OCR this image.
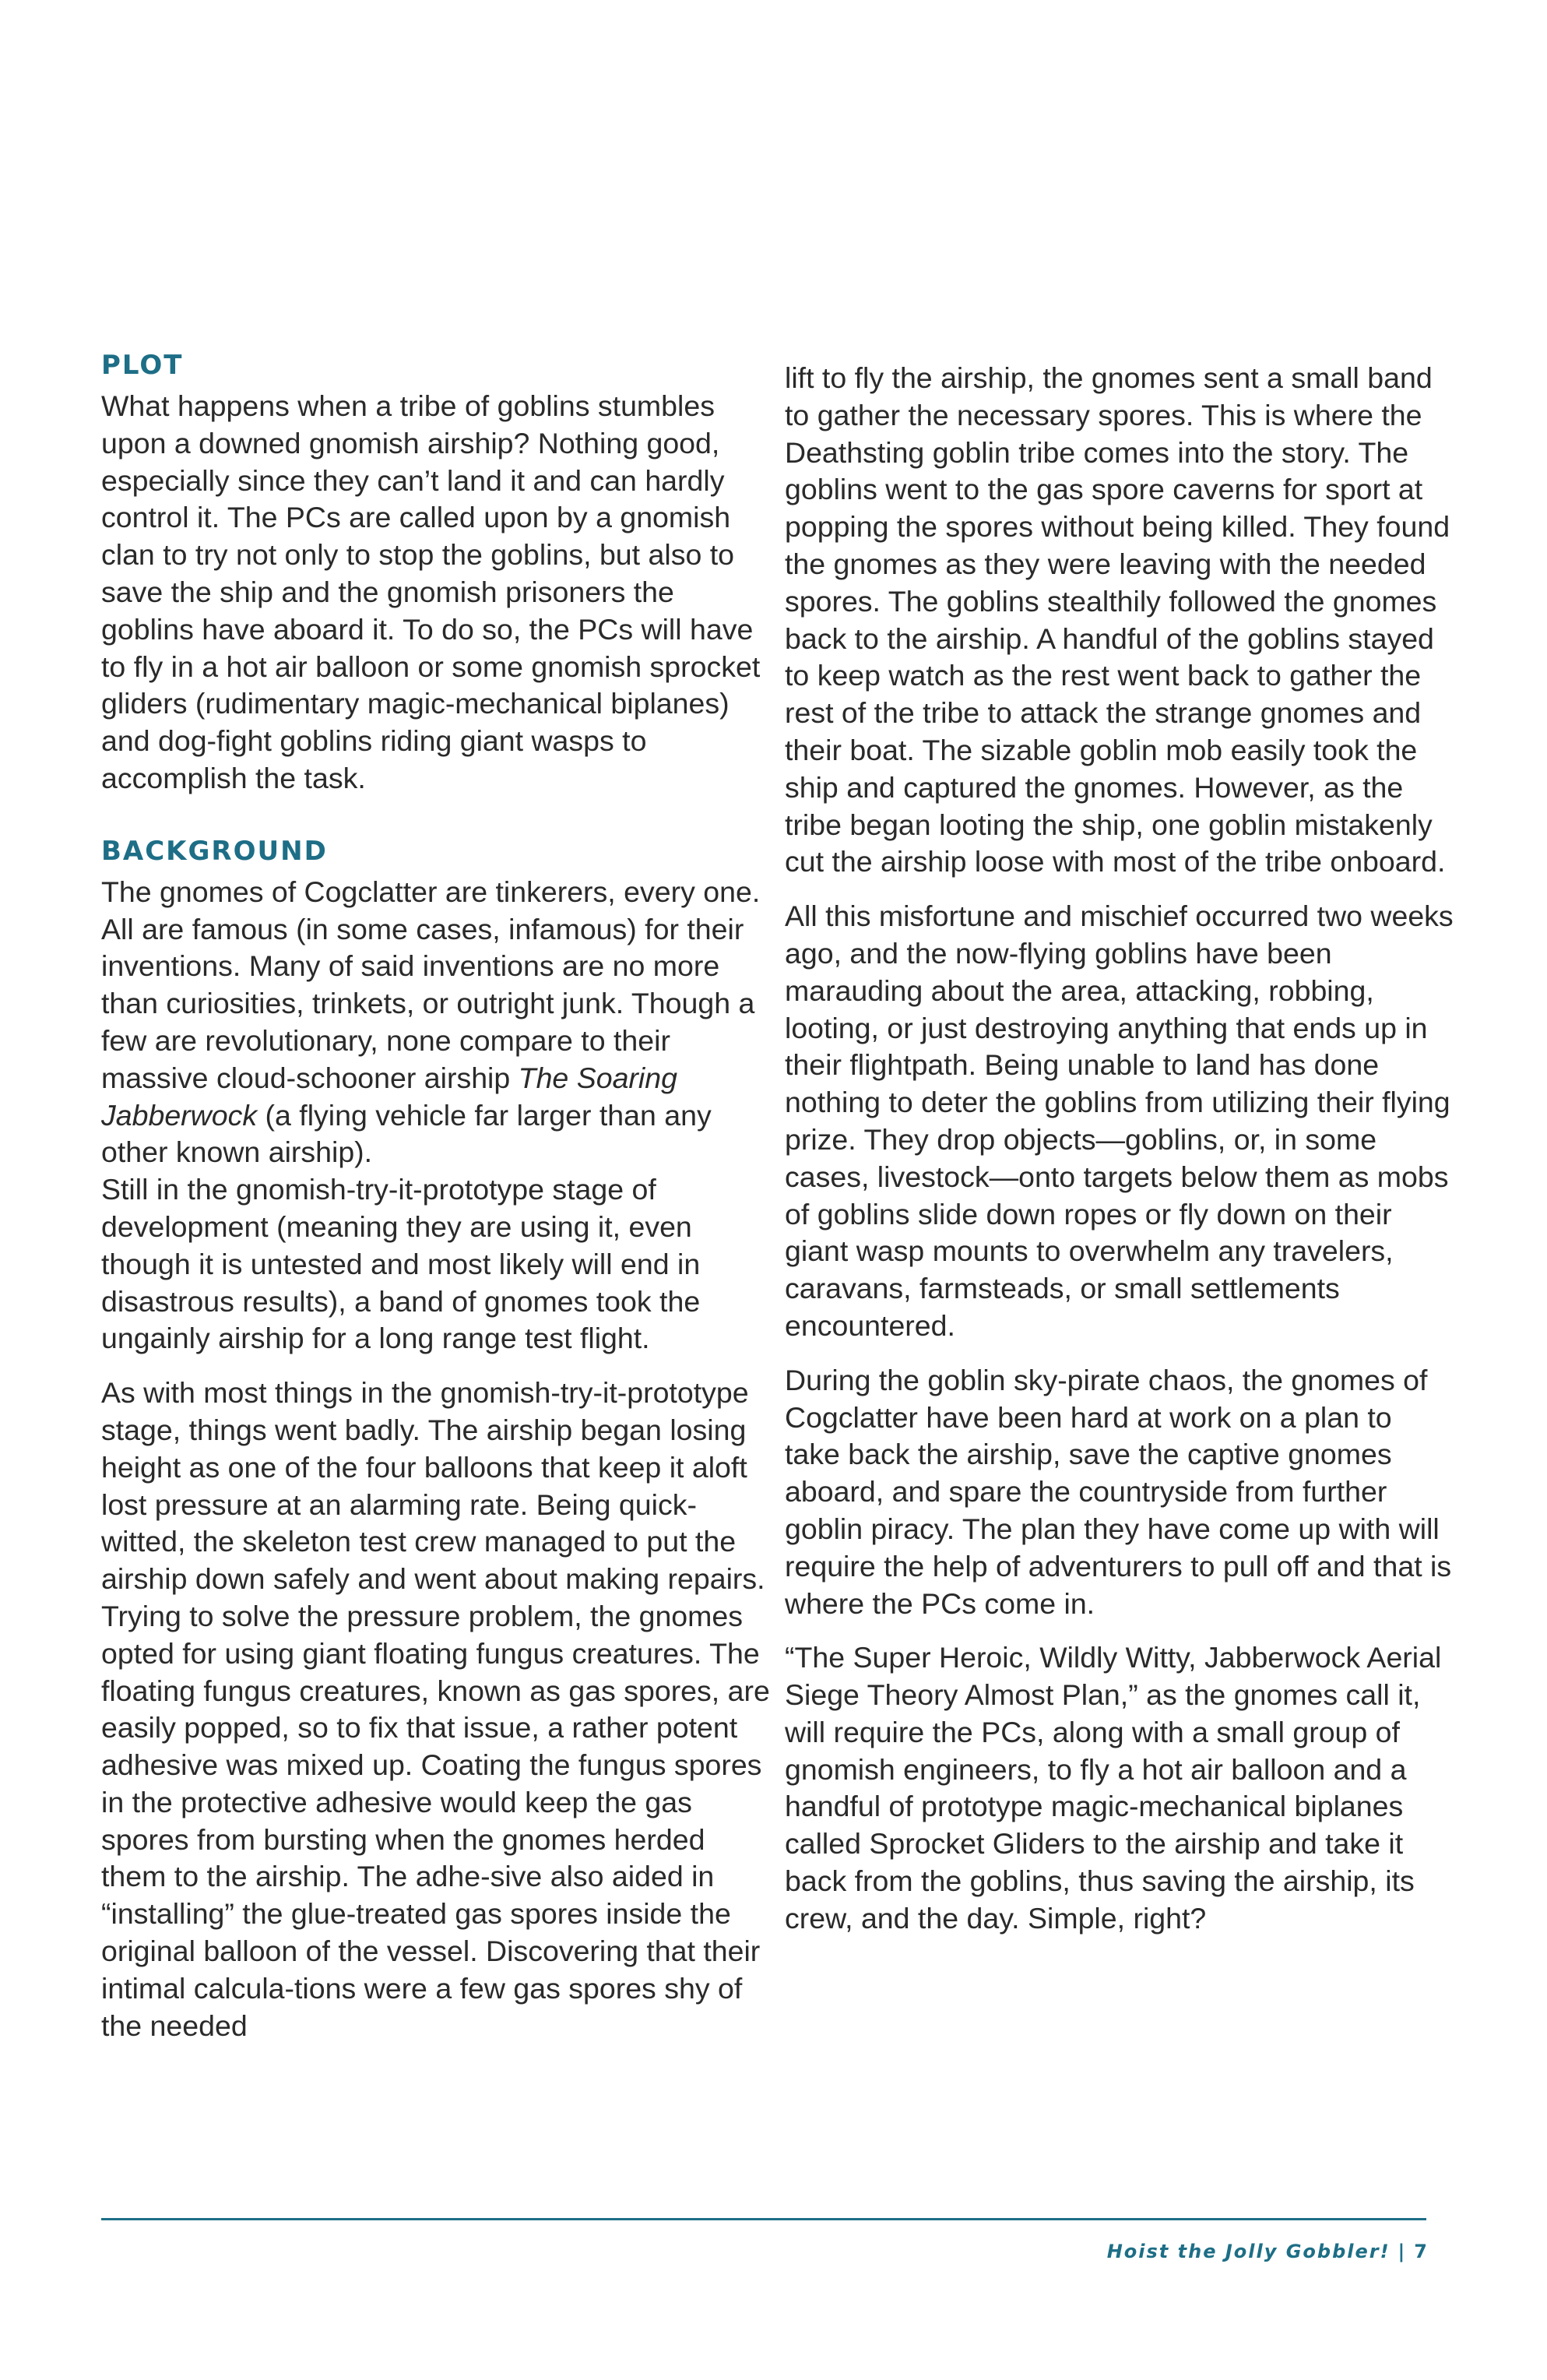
PLOT

What happens when a tribe of goblins stumbles upon a downed gnomish airship? Nothing good, especially since they can’t land it and can hardly control it. The PCs are called upon by a gnomish clan to try not only to stop the goblins, but also to save the ship and the gnomish prisoners the goblins have aboard it. To do so, the PCs will have to fly in a hot air balloon or some gnomish sprocket gliders (rudimentary magic-mechanical biplanes) and dog-fight goblins riding giant wasps to accomplish the task.

BACKGROUND

The gnomes of Cogclatter are tinkerers, every one. All are famous (in some cases, infamous) for their inventions. Many of said inventions are no more than curiosities, trinkets, or outright junk. Though a few are revolutionary, none compare to their massive cloud-schooner airship The Soaring Jabberwock (a flying vehicle far larger than any other known airship).

Still in the gnomish-try-it-prototype stage of development (meaning they are using it, even though it is untested and most likely will end in disastrous results), a band of gnomes took the ungainly airship for a long range test flight.

As with most things in the gnomish-try-it-prototype stage, things went badly. The airship began losing height as one of the four balloons that keep it aloft lost pressure at an alarming rate. Being quick-witted, the skeleton test crew managed to put the airship down safely and went about making repairs. Trying to solve the pressure problem, the gnomes opted for using giant floating fungus creatures. The floating fungus creatures, known as gas spores, are easily popped, so to fix that issue, a rather potent adhesive was mixed up. Coating the fungus spores in the protective adhesive would keep the gas spores from bursting when the gnomes herded them to the airship. The adhe-sive also aided in “installing” the glue-treated gas spores inside the original balloon of the vessel. Discovering that their intimal calcula-tions were a few gas spores shy of the needed

lift to fly the airship, the gnomes sent a small band to gather the necessary spores. This is where the Deathsting goblin tribe comes into the story. The goblins went to the gas spore caverns for sport at popping the spores without being killed. They found the gnomes as they were leaving with the needed spores. The goblins stealthily followed the gnomes back to the airship. A handful of the goblins stayed to keep watch as the rest went back to gather the rest of the tribe to attack the strange gnomes and their boat. The sizable goblin mob easily took the ship and captured the gnomes. However, as the tribe began looting the ship, one goblin mistakenly cut the airship loose with most of the tribe onboard.

All this misfortune and mischief occurred two weeks ago, and the now-flying goblins have been marauding about the area, attacking, robbing, looting, or just destroying anything that ends up in their flightpath. Being unable to land has done nothing to deter the goblins from utilizing their flying prize. They drop objects—goblins, or, in some cases, livestock—onto targets below them as mobs of goblins slide down ropes or fly down on their giant wasp mounts to overwhelm any travelers, caravans, farmsteads, or small settlements encountered.

During the goblin sky-pirate chaos, the gnomes of Cogclatter have been hard at work on a plan to take back the airship, save the captive gnomes aboard, and spare the countryside from further goblin piracy. The plan they have come up with will require the help of adventurers to pull off and that is where the PCs come in.

“The Super Heroic, Wildly Witty, Jabberwock Aerial Siege Theory Almost Plan,” as the gnomes call it, will require the PCs, along with a small group of gnomish engineers, to fly a hot air balloon and a handful of prototype magic-mechanical biplanes called Sprocket Gliders to the airship and take it back from the goblins, thus saving the airship, its crew, and the day. Simple, right?

Hoist the Jolly Gobbler! | 7
